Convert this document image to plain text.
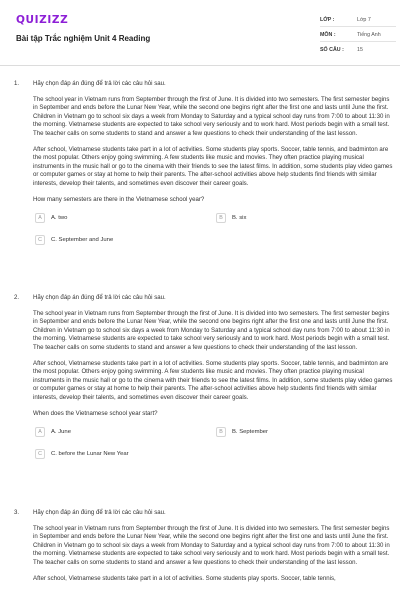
QUIZIZZ
Bài tập Trắc nghiệm Unit 4 Reading
LỚP :	Lớp 7
MÔN :	Tiếng Anh
SỐ CÂU :	15
1. Hãy chọn đáp án đúng để trả lời các câu hỏi sau.
The school year in Vietnam runs from September through the first of June. It is divided into two semesters. The first semester begins in September and ends before the Lunar New Year, while the second one begins right after the first one and lasts until June the first. Children in Vietnam go to school six days a week from Monday to Saturday and a typical school day runs from 7:00 to about 11:30 in the morning. Vietnamese students are expected to take school very seriously and to work hard. Most periods begin with a small test. The teacher calls on some students to stand and answer a few questions to check their understanding of the last lesson.
After school, Vietnamese students take part in a lot of activities. Some students play sports. Soccer, table tennis, and badminton are the most popular. Others enjoy going swimming. A few students like music and movies. They often practice playing musical instruments in the music hall or go to the cinema with their friends to see the latest films. In addition, some students play video games or computer games or stay at home to help their parents. The after-school activities above help students find friends with similar interests, develop their talents, and sometimes even discover their career goals.
How many semesters are there in the Vietnamese school year?
A	A. two	B	B. six
C	C. September and June
2. Hãy chọn đáp án đúng để trả lời các câu hỏi sau.
The school year in Vietnam runs from September through the first of June. It is divided into two semesters. The first semester begins in September and ends before the Lunar New Year, while the second one begins right after the first one and lasts until June the first. Children in Vietnam go to school six days a week from Monday to Saturday and a typical school day runs from 7:00 to about 11:30 in the morning. Vietnamese students are expected to take school very seriously and to work hard. Most periods begin with a small test. The teacher calls on some students to stand and answer a few questions to check their understanding of the last lesson.
After school, Vietnamese students take part in a lot of activities. Some students play sports. Soccer, table tennis, and badminton are the most popular. Others enjoy going swimming. A few students like music and movies. They often practice playing musical instruments in the music hall or go to the cinema with their friends to see the latest films. In addition, some students play video games or computer games or stay at home to help their parents. The after-school activities above help students find friends with similar interests, develop their talents, and sometimes even discover their career goals.
When does the Vietnamese school year start?
A	A. June	B	B. September
C	C. before the Lunar New Year
3. Hãy chọn đáp án đúng để trả lời các câu hỏi sau.
The school year in Vietnam runs from September through the first of June. It is divided into two semesters. The first semester begins in September and ends before the Lunar New Year, while the second one begins right after the first one and lasts until June the first. Children in Vietnam go to school six days a week from Monday to Saturday and a typical school day runs from 7:00 to about 11:30 in the morning. Vietnamese students are expected to take school very seriously and to work hard. Most periods begin with a small test. The teacher calls on some students to stand and answer a few questions to check their understanding of the last lesson.
After school, Vietnamese students take part in a lot of activities. Some students play sports. Soccer, table tennis,
